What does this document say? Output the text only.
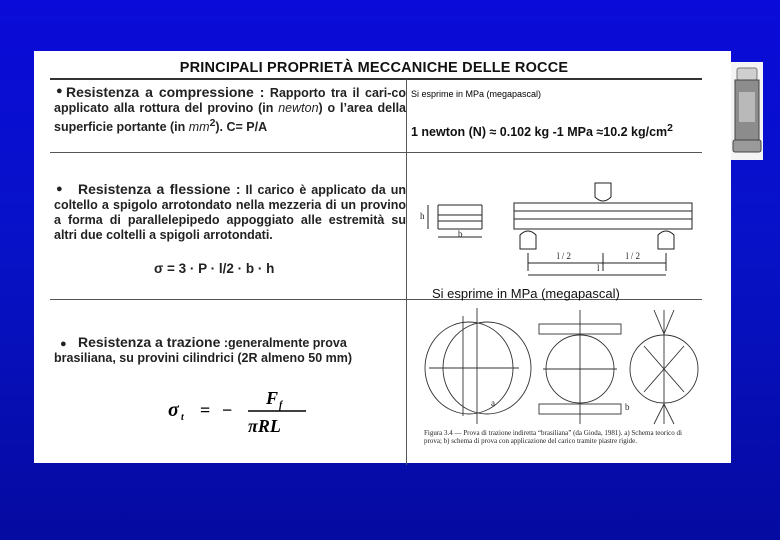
PRINCIPALI PROPRIETÀ MECCANICHE DELLE ROCCE
● Resistenza a compressione : Rapporto tra il cari-co applicato alla rottura del provino (in newton) o l’area della superficie portante (in $mm^2$). C= P/A
Si esprime in MPa (megapascal)
1 newton (N) ≈ 0.102 kg -1 MPa ≈10.2 $kg/cm^2$
●	Resistenza a flessione : Il carico è applicato da un coltello a spigolo arrotondato nella mezzeria di un provino a forma di parallelepipedo appoggiato alle estremità su altri due coltelli a spigoli arrotondati.
σ = 3 · P · l/2 · b · h
h
b
l / 2	l / 2
l
Si esprime in MPa (megapascal)
● Resistenza a trazione :generalmente prova brasiliana, su provini cilindrici (2R almeno 50 mm)
σ t = −
F f
πRL
a	b
Figura 3.4 — Prova di trazione indiretta “brasiliana” (da Gioda, 1981). a) Schema teorico di prova; b) schema di prova con applicazione del carico tramite piastre rigide.
